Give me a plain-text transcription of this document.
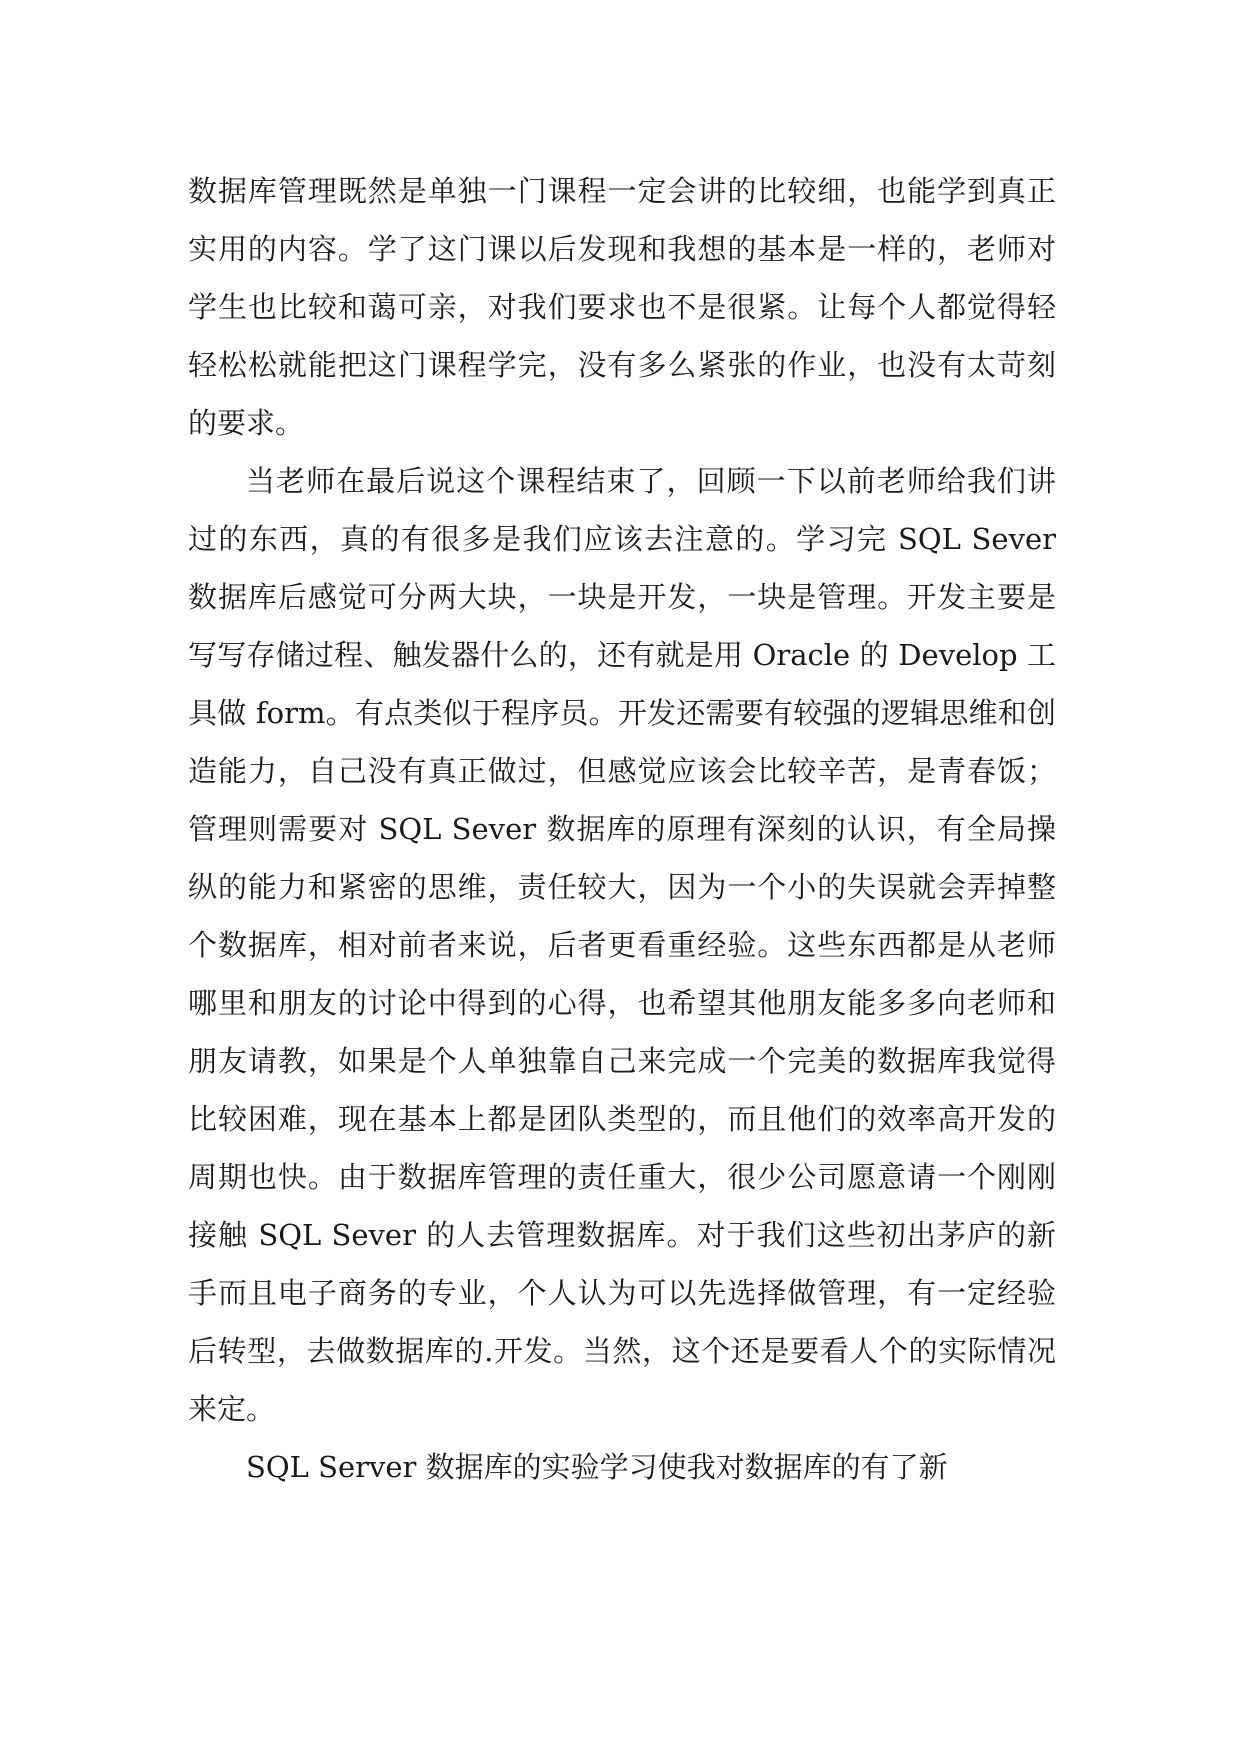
数据库管理既然是单独一门课程一定会讲的比较细，也能学到真正实用的内容。学了这门课以后发现和我想的基本是一样的，老师对学生也比较和蔼可亲，对我们要求也不是很紧。让每个人都觉得轻轻松松就能把这门课程学完，没有多么紧张的作业，也没有太苛刻的要求。

当老师在最后说这个课程结束了，回顾一下以前老师给我们讲过的东西，真的有很多是我们应该去注意的。学习完 SQL Sever 数据库后感觉可分两大块，一块是开发，一块是管理。开发主要是写写存储过程、触发器什么的，还有就是用 Oracle 的 Develop 工具做 form。有点类似于程序员。开发还需要有较强的逻辑思维和创造能力，自己没有真正做过，但感觉应该会比较辛苦，是青春饭；管理则需要对 SQL Sever 数据库的原理有深刻的认识，有全局操纵的能力和紧密的思维，责任较大，因为一个小的失误就会弄掉整个数据库，相对前者来说，后者更看重经验。这些东西都是从老师哪里和朋友的讨论中得到的心得，也希望其他朋友能多多向老师和朋友请教，如果是个人单独靠自己来完成一个完美的数据库我觉得比较困难，现在基本上都是团队类型的，而且他们的效率高开发的周期也快。由于数据库管理的责任重大，很少公司愿意请一个刚刚接触 SQL Sever 的人去管理数据库。对于我们这些初出茅庐的新手而且电子商务的专业，个人认为可以先选择做管理，有一定经验后转型，去做数据库的.开发。当然，这个还是要看人个的实际情况来定。

SQL Server 数据库的实验学习使我对数据库的有了新
